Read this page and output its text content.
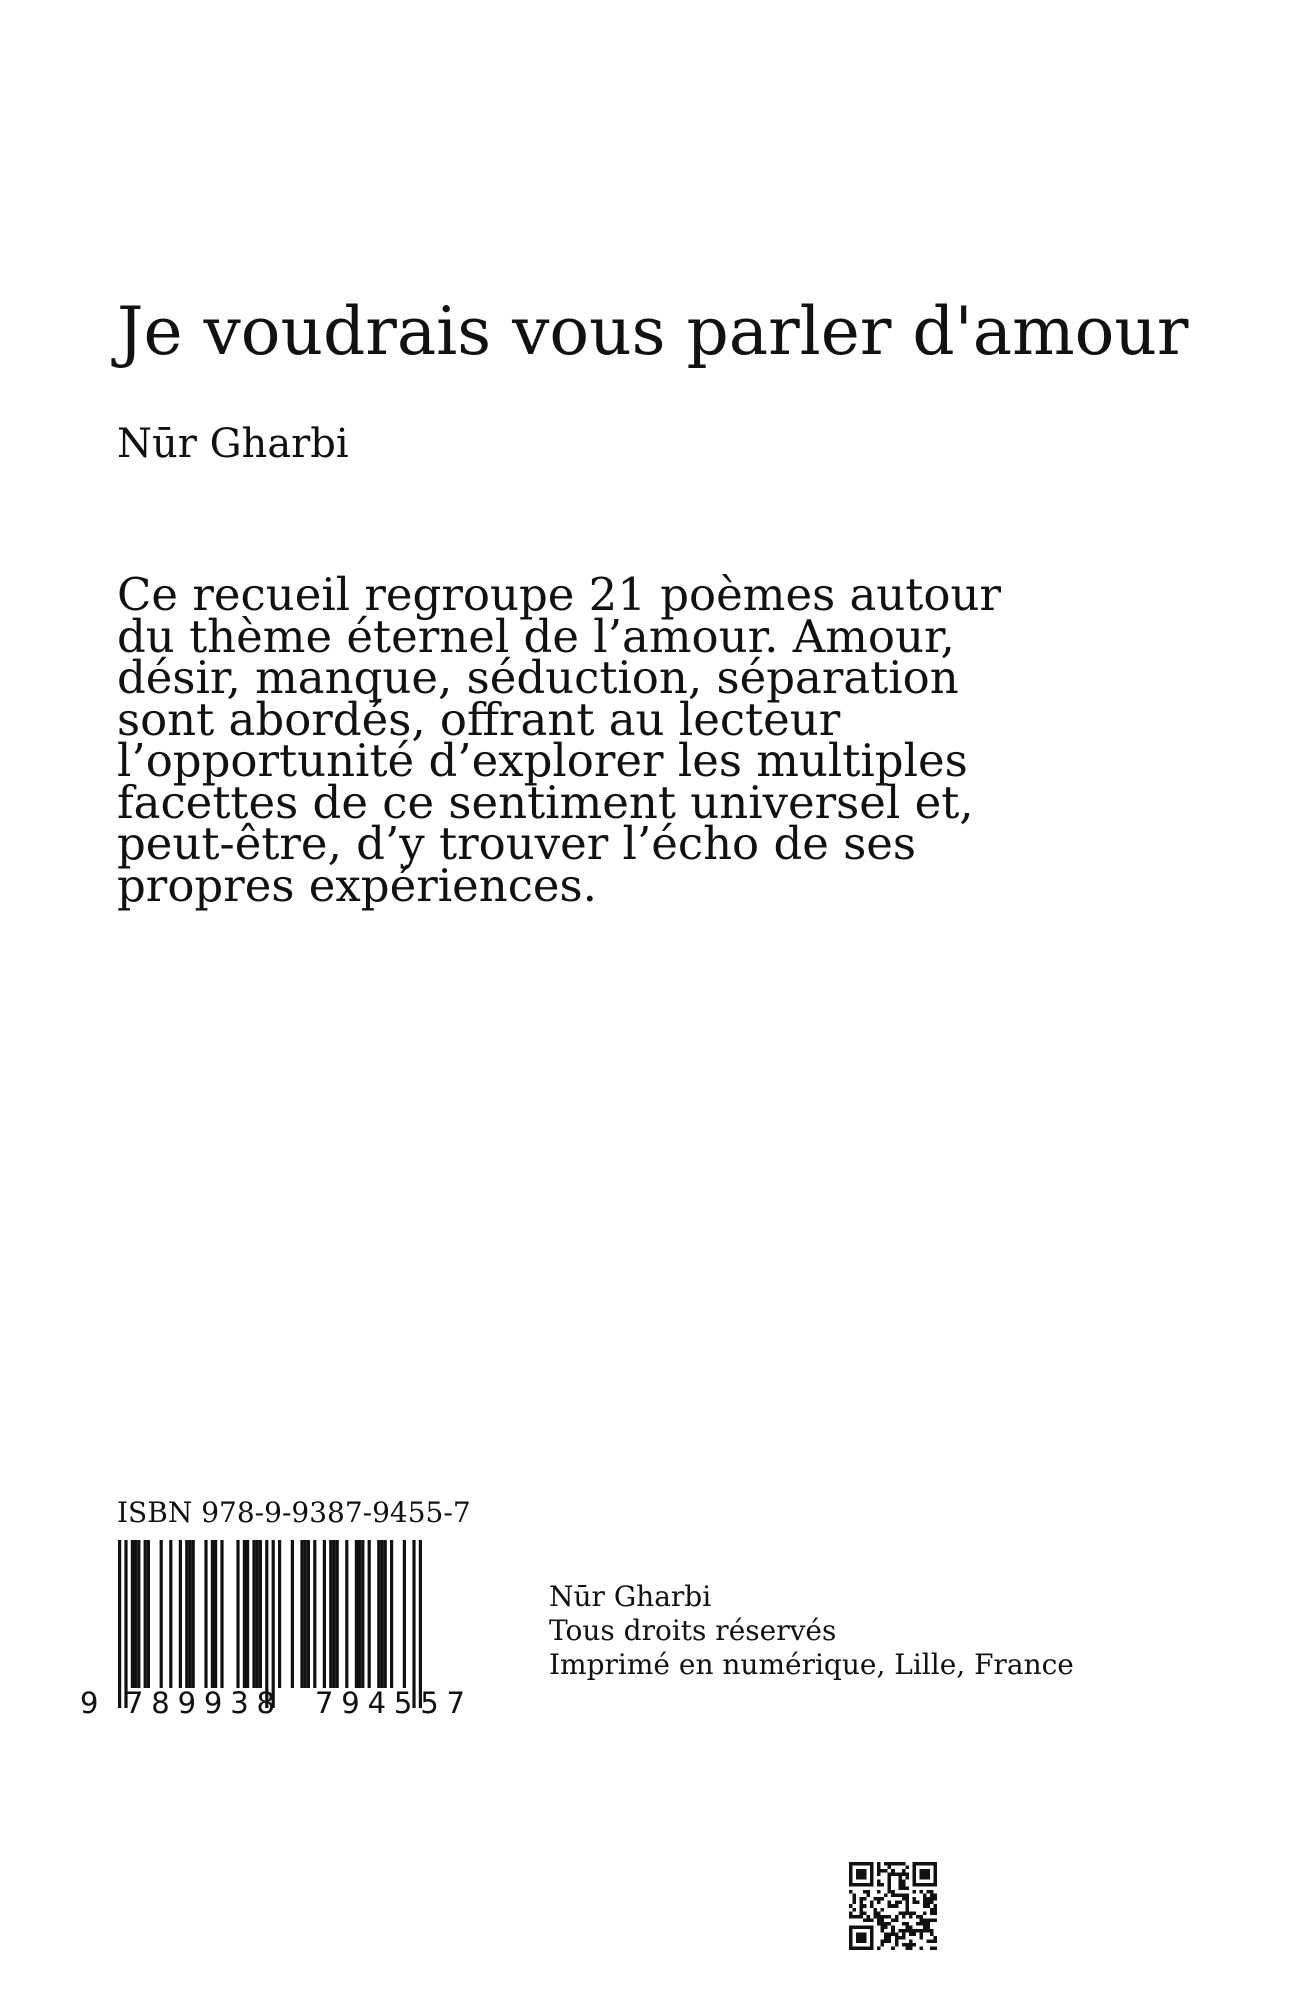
Je voudrais vous parler d'amour

Nūr Gharbi

Ce recueil regroupe 21 poèmes autour
du thème éternel de l’amour. Amour,
désir, manque, séduction, séparation
sont abordés, offrant au lecteur
l’opportunité d’explorer les multiples
facettes de ce sentiment universel et,
peut-être, d’y trouver l’écho de ses
propres expériences.

ISBN 978-9-9387-9455-7
9 789938 794557
Nūr Gharbi
Tous droits réservés
Imprimé en numérique, Lille, France
